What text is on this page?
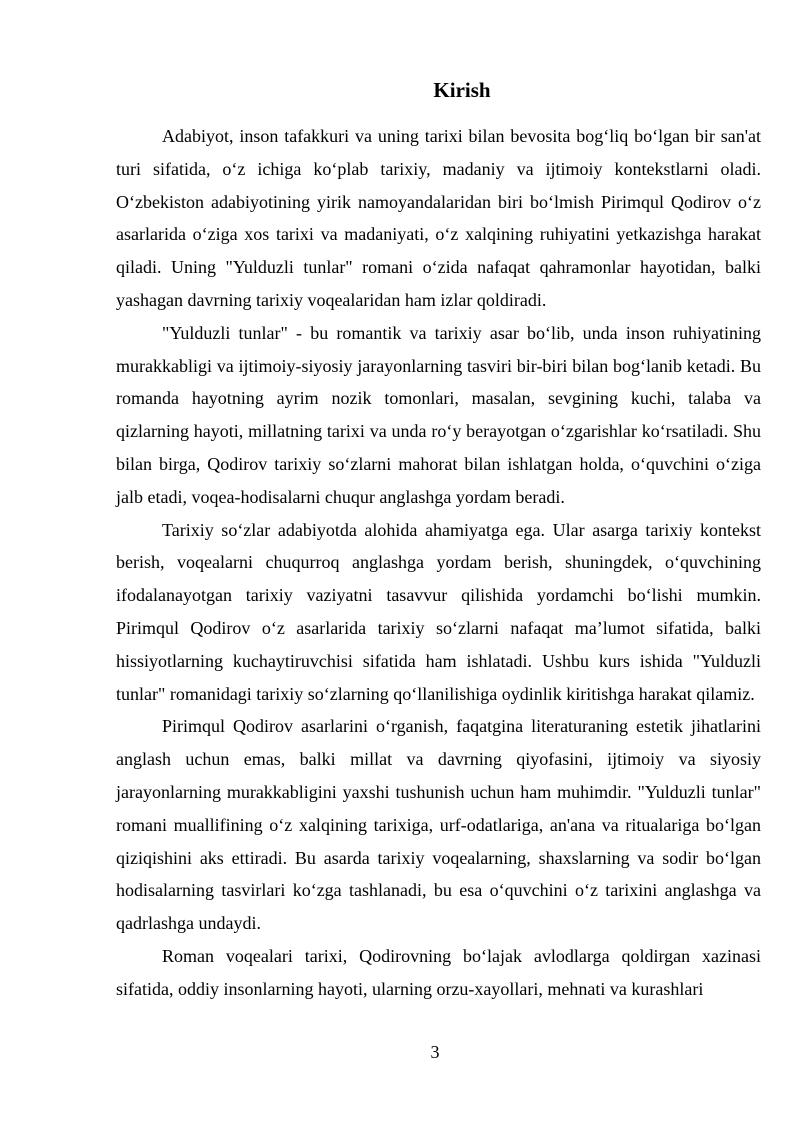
Kirish

Adabiyot, inson tafakkuri va uning tarixi bilan bevosita bog‘liq bo‘lgan bir san'at turi sifatida, o‘z ichiga ko‘plab tarixiy, madaniy va ijtimoiy kontekstlarni oladi. O‘zbekiston adabiyotining yirik namoyandalaridan biri bo‘lmish Pirimqul Qodirov o‘z asarlarida o‘ziga xos tarixi va madaniyati, o‘z xalqining ruhiyatini yetkazishga harakat qiladi. Uning "Yulduzli tunlar" romani o‘zida nafaqat qahramonlar hayotidan, balki yashagan davrning tarixiy voqealaridan ham izlar qoldiradi.

"Yulduzli tunlar" - bu romantik va tarixiy asar bo‘lib, unda inson ruhiyatining murakkabligi va ijtimoiy-siyosiy jarayonlarning tasviri bir-biri bilan bog‘lanib ketadi. Bu romanda hayotning ayrim nozik tomonlari, masalan, sevgining kuchi, talaba va qizlarning hayoti, millatning tarixi va unda ro‘y berayotgan o‘zgarishlar ko‘rsatiladi. Shu bilan birga, Qodirov tarixiy so‘zlarni mahorat bilan ishlatgan holda, o‘quvchini o‘ziga jalb etadi, voqea-hodisalarni chuqur anglashga yordam beradi.

Tarixiy so‘zlar adabiyotda alohida ahamiyatga ega. Ular asarga tarixiy kontekst berish, voqealarni chuqurroq anglashga yordam berish, shuningdek, o‘quvchining ifodalanayotgan tarixiy vaziyatni tasavvur qilishida yordamchi bo‘lishi mumkin. Pirimqul Qodirov o‘z asarlarida tarixiy so‘zlarni nafaqat ma’lumot sifatida, balki hissiyotlarning kuchaytiruvchisi sifatida ham ishlatadi. Ushbu kurs ishida "Yulduzli tunlar" romanidagi tarixiy so‘zlarning qo‘llanilishiga oydinlik kiritishga harakat qilamiz.

Pirimqul Qodirov asarlarini o‘rganish, faqatgina literaturaning estetik jihatlarini anglash uchun emas, balki millat va davrning qiyofasini, ijtimoiy va siyosiy jarayonlarning murakkabligini yaxshi tushunish uchun ham muhimdir. "Yulduzli tunlar" romani muallifining o‘z xalqining tarixiga, urf-odatlariga, an'ana va ritualariga bo‘lgan qiziqishini aks ettiradi. Bu asarda tarixiy voqealarning, shaxslarning va sodir bo‘lgan hodisalarning tasvirlari ko‘zga tashlanadi, bu esa o‘quvchini o‘z tarixini anglashga va qadrlashga undaydi.

Roman voqealari tarixi, Qodirovning bo‘lajak avlodlarga qoldirgan xazinasi sifatida, oddiy insonlarning hayoti, ularning orzu-xayollari, mehnati va kurashlari

3
